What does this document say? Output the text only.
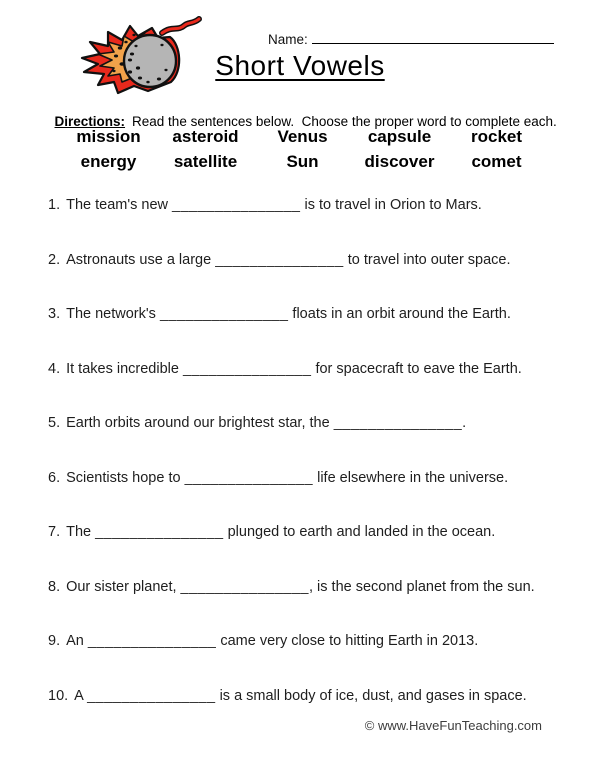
Name:
Short Vowels

Directions: Read the sentences below.  Choose the proper word to complete each.

mission	asteroid	Venus	capsule	rocket
energy	satellite	Sun	discover	comet
1. The team's new _______________ is to travel in Orion to Mars.
2. Astronauts use a large _______________ to travel into outer space.
3. The network's _______________ floats in an orbit around the Earth.
4. It takes incredible _______________ for spacecraft to eave the Earth.
5. Earth orbits around our brightest star, the _______________.
6. Scientists hope to _______________ life elsewhere in the universe.
7. The _______________ plunged to earth and landed in the ocean.
8. Our sister planet, _______________, is the second planet from the sun.
9. An _______________ came very close to hitting Earth in 2013.
10. A _______________ is a small body of ice, dust, and gases in space.
© www.HaveFunTeaching.com
